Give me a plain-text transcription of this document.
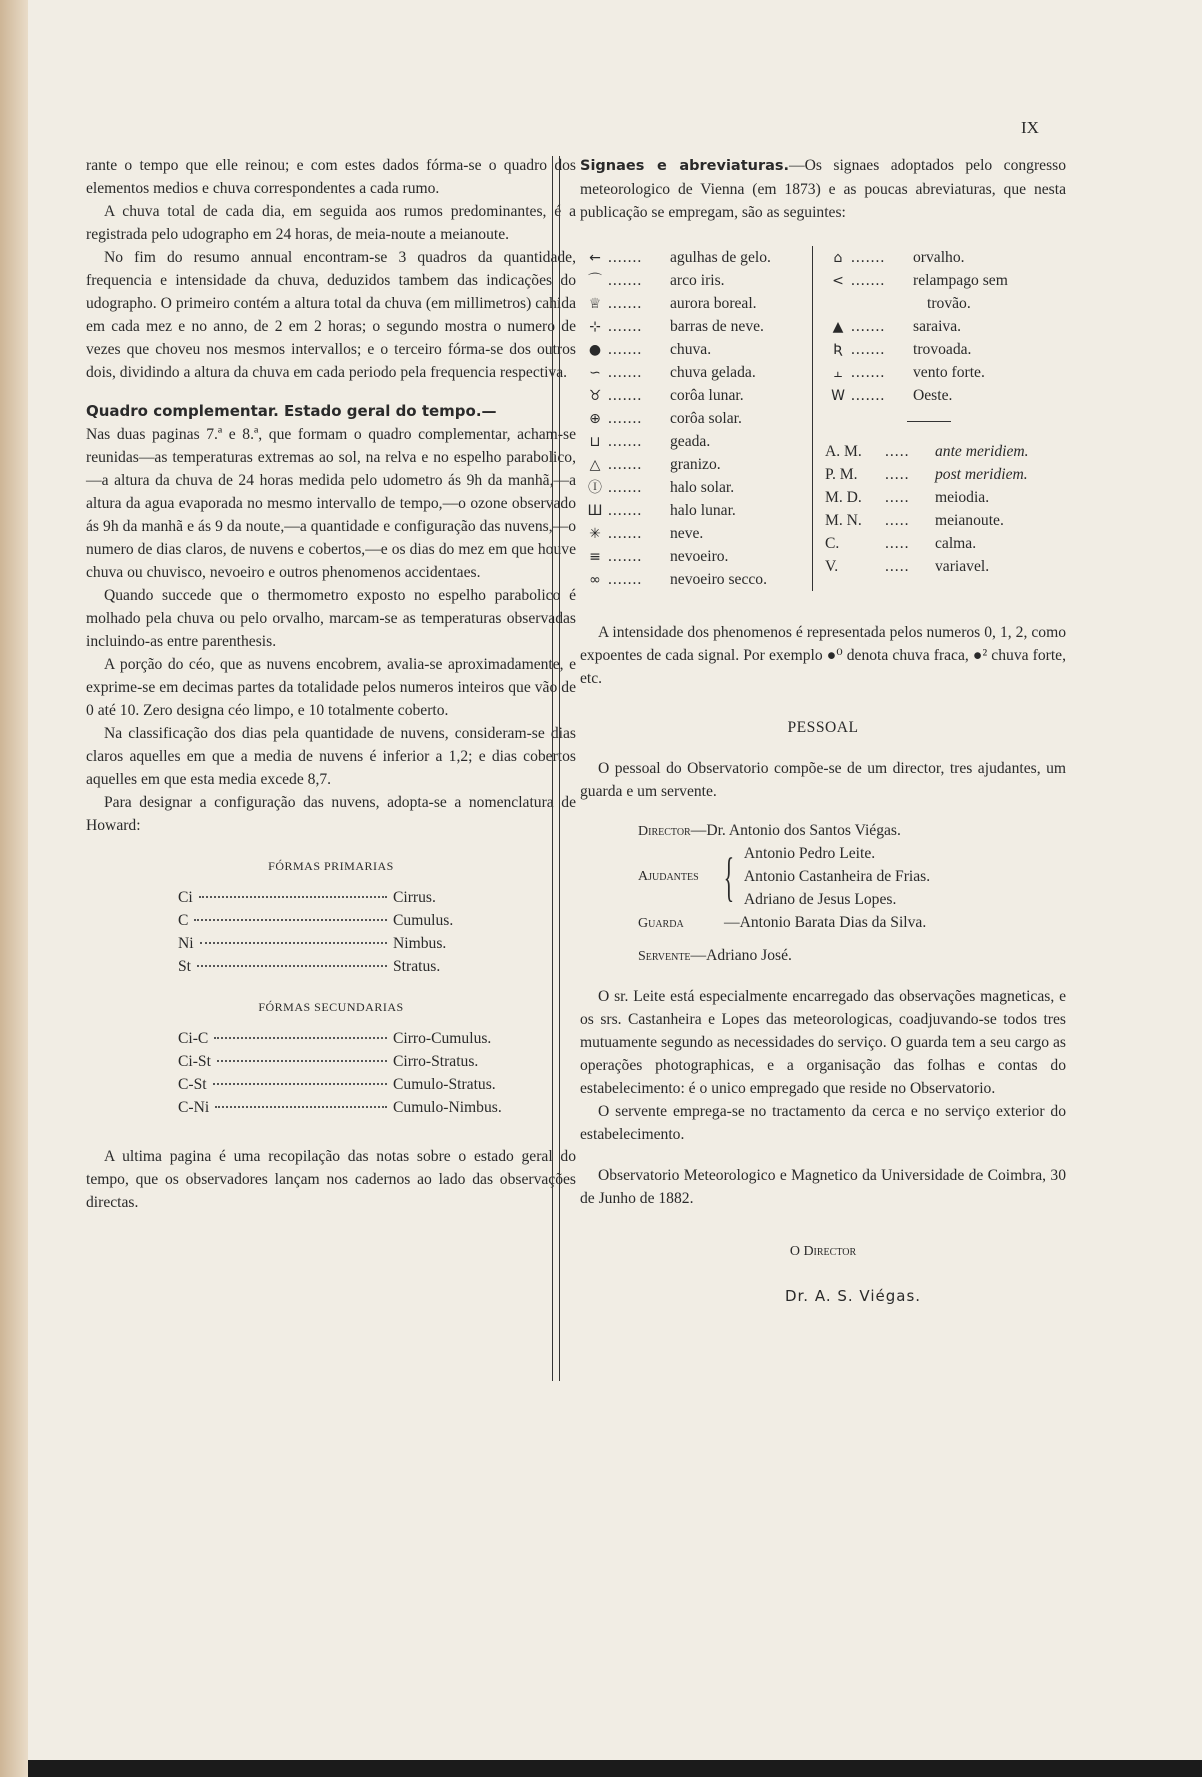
IX

rante o tempo que elle reinou; e com estes dados fórma-se o quadro dos elementos medios e chuva correspondentes a cada rumo.

A chuva total de cada dia, em seguida aos rumos predominantes, é a registrada pelo udographo em 24 horas, de meia-noute a meianoute.

No fim do resumo annual encontram-se 3 quadros da quantidade, frequencia e intensidade da chuva, deduzidos tambem das indicações do udographo. O primeiro contém a altura total da chuva (em millimetros) cahida em cada mez e no anno, de 2 em 2 horas; o segundo mostra o numero de vezes que choveu nos mesmos intervallos; e o terceiro fórma-se dos outros dois, dividindo a altura da chuva em cada periodo pela frequencia respectiva.

Quadro complementar. Estado geral do tempo.—

Nas duas paginas 7.ª e 8.ª, que formam o quadro complementar, acham-se reunidas—as temperaturas extremas ao sol, na relva e no espelho parabolico,—a altura da chuva de 24 horas medida pelo udometro ás 9h da manhã,—a altura da agua evaporada no mesmo intervallo de tempo,—o ozone observado ás 9h da manhã e ás 9 da noute,—a quantidade e configuração das nuvens,—o numero de dias claros, de nuvens e cobertos,—e os dias do mez em que houve chuva ou chuvisco, nevoeiro e outros phenomenos accidentaes.

Quando succede que o thermometro exposto no espelho parabolico é molhado pela chuva ou pelo orvalho, marcam-se as temperaturas observadas incluindo-as entre parenthesis.

A porção do céo, que as nuvens encobrem, avalia-se aproximadamente, e exprime-se em decimas partes da totalidade pelos numeros inteiros que vão de 0 até 10. Zero designa céo limpo, e 10 totalmente coberto.

Na classificação dos dias pela quantidade de nuvens, consideram-se dias claros aquelles em que a media de nuvens é inferior a 1,2; e dias cobertos aquelles em que esta media excede 8,7.

Para designar a configuração das nuvens, adopta-se a nomenclatura de Howard:

FÓRMAS PRIMARIAS
Ci	Cirrus.
C	Cumulus.
Ni	Nimbus.
St	Stratus.
FÓRMAS SECUNDARIAS
Ci-C	Cirro-Cumulus.
Ci-St	Cirro-Stratus.
C-St	Cumulo-Stratus.
C-Ni	Cumulo-Nimbus.

A ultima pagina é uma recopilação das notas sobre o estado geral do tempo, que os observadores lançam nos cadernos ao lado das observações directas.

Signaes e abreviaturas.—Os signaes adoptados pelo congresso meteorologico de Vienna (em 1873) e as poucas abreviaturas, que nesta publicação se empregam, são as seguintes:

← .......	agulhas de gelo.
⌒ .......	arco iris.
♕ .......	aurora boreal.
⊹ .......	barras de neve.
● .......	chuva.
∽ .......	chuva gelada.
♉ .......	corôa lunar.
⊕ .......	corôa solar.
⊔ .......	geada.
△ .......	granizo.
Ⓘ .......	halo solar.
Ш .......	halo lunar.
✳ .......	neve.
≡ .......	nevoeiro.
∞ .......	nevoeiro secco.
⌂ .......	orvalho.
< .......	relampago sem
trovão.
▲ .......	saraiva.
Ʀ .......	trovoada.
⫠ .......	vento forte.
W .......	Oeste.
A. M.	.....	ante meridiem.
P. M.	.....	post meridiem.
M. D.	.....	meiodia.
M. N.	.....	meianoute.
C.	.....	calma.
V.	.....	variavel.

A intensidade dos phenomenos é representada pelos numeros 0, 1, 2, como expoentes de cada signal. Por exemplo ●⁰ denota chuva fraca, ●² chuva forte, etc.

PESSOAL

O pessoal do Observatorio compõe-se de um director, tres ajudantes, um guarda e um servente.

Director—Dr. Antonio dos Santos Viégas.
Ajudantes { Antonio Pedro Leite.
Antonio Castanheira de Frias.
Adriano de Jesus Lopes.
Guarda	—Antonio Barata Dias da Silva.
Servente—Adriano José.

O sr. Leite está especialmente encarregado das observações magneticas, e os srs. Castanheira e Lopes das meteorologicas, coadjuvando-se todos tres mutuamente segundo as necessidades do serviço. O guarda tem a seu cargo as operações photographicas, e a organisação das folhas e contas do estabelecimento: é o unico empregado que reside no Observatorio.

O servente emprega-se no tractamento da cerca e no serviço exterior do estabelecimento.

Observatorio Meteorologico e Magnetico da Universidade de Coimbra, 30 de Junho de 1882.

O Director
Dr. A. S. Viégas.
